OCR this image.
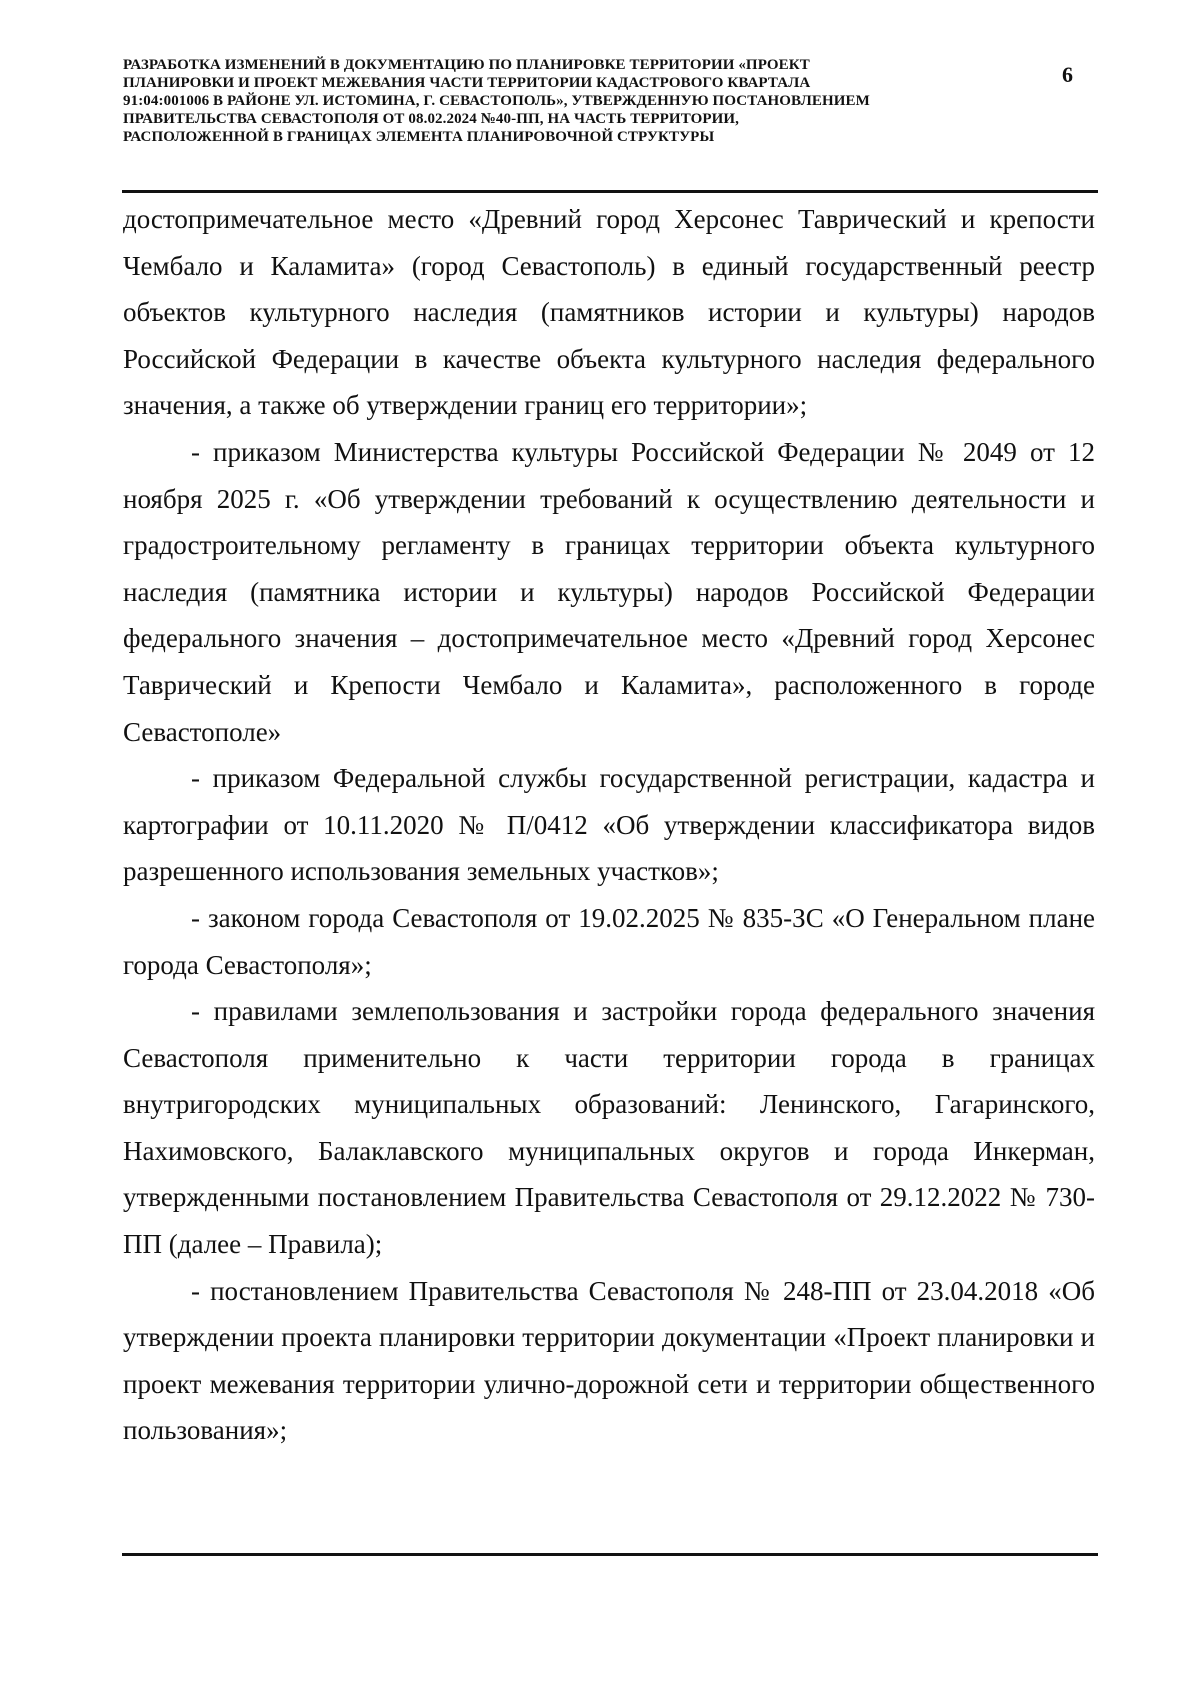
РАЗРАБОТКА ИЗМЕНЕНИЙ В ДОКУМЕНТАЦИЮ ПО ПЛАНИРОВКЕ ТЕРРИТОРИИ «ПРОЕКТ
ПЛАНИРОВКИ И ПРОЕКТ МЕЖЕВАНИЯ ЧАСТИ ТЕРРИТОРИИ КАДАСТРОВОГО КВАРТАЛА
91:04:001006 В РАЙОНЕ УЛ. ИСТОМИНА, Г. СЕВАСТОПОЛЬ», УТВЕРЖДЕННУЮ ПОСТАНОВЛЕНИЕМ
ПРАВИТЕЛЬСТВА СЕВАСТОПОЛЯ ОТ 08.02.2024 №40-ПП, НА ЧАСТЬ ТЕРРИТОРИИ,
РАСПОЛОЖЕННОЙ В ГРАНИЦАХ ЭЛЕМЕНТА ПЛАНИРОВОЧНОЙ СТРУКТУРЫ
6

достопримечательное место «Древний город Херсонес Таврический и крепости Чембало и Каламита» (город Севастополь) в единый государственный реестр объектов культурного наследия (памятников истории и культуры) народов Российской Федерации в качестве объекта культурного наследия федерального значения, а также об утверждении границ его территории»;

- приказом Министерства культуры Российской Федерации № 2049 от 12 ноября 2025 г. «Об утверждении требований к осуществлению деятельности и градостроительному регламенту в границах территории объекта культурного наследия (памятника истории и культуры) народов Российской Федерации федерального значения – достопримечательное место «Древний город Херсонес Таврический и Крепости Чембало и Каламита», расположенного в городе Севастополе»

- приказом Федеральной службы государственной регистрации, кадастра и картографии от 10.11.2020 № П/0412 «Об утверждении классификатора видов разрешенного использования земельных участков»;

- законом города Севастополя от 19.02.2025 № 835-ЗС «О Генеральном плане города Севастополя»;

- правилами землепользования и застройки города федерального значения Севастополя применительно к части территории города в границах внутригородских муниципальных образований: Ленинского, Гагаринского, Нахимовского, Балаклавского муниципальных округов и города Инкерман, утвержденными постановлением Правительства Севастополя от 29.12.2022 № 730-ПП (далее – Правила);

- постановлением Правительства Севастополя № 248-ПП от 23.04.2018 «Об утверждении проекта планировки территории документации «Проект планировки и проект межевания территории улично-дорожной сети и территории общественного пользования»;
